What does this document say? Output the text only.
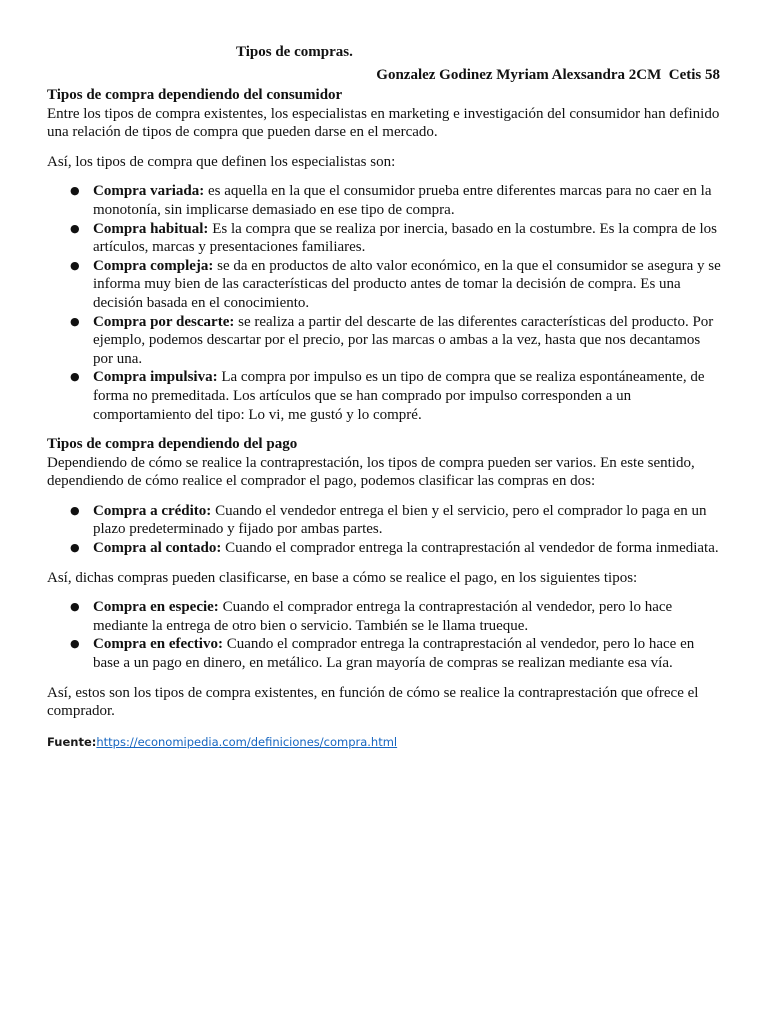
Tipos de compras.

Gonzalez Godinez Myriam Alexsandra 2CM  Cetis 58

Tipos de compra dependiendo del consumidor

Entre los tipos de compra existentes, los especialistas en marketing e investigación del consumidor han definido una relación de tipos de compra que pueden darse en el mercado.

Así, los tipos de compra que definen los especialistas son:

● Compra variada: es aquella en la que el consumidor prueba entre diferentes marcas para no caer en la monotonía, sin implicarse demasiado en ese tipo de compra.
● Compra habitual: Es la compra que se realiza por inercia, basado en la costumbre. Es la compra de los artículos, marcas y presentaciones familiares.
● Compra compleja: se da en productos de alto valor económico, en la que el consumidor se asegura y se informa muy bien de las características del producto antes de tomar la decisión de compra. Es una decisión basada en el conocimiento.
● Compra por descarte: se realiza a partir del descarte de las diferentes características del producto. Por ejemplo, podemos descartar por el precio, por las marcas o ambas a la vez, hasta que nos decantamos por una.
● Compra impulsiva: La compra por impulso es un tipo de compra que se realiza espontáneamente, de forma no premeditada. Los artículos que se han comprado por impulso corresponden a un comportamiento del tipo: Lo vi, me gustó y lo compré.

Tipos de compra dependiendo del pago

Dependiendo de cómo se realice la contraprestación, los tipos de compra pueden ser varios. En este sentido, dependiendo de cómo realice el comprador el pago, podemos clasificar las compras en dos:

● Compra a crédito: Cuando el vendedor entrega el bien y el servicio, pero el comprador lo paga en un plazo predeterminado y fijado por ambas partes.
● Compra al contado: Cuando el comprador entrega la contraprestación al vendedor de forma inmediata.

Así, dichas compras pueden clasificarse, en base a cómo se realice el pago, en los siguientes tipos:

● Compra en especie: Cuando el comprador entrega la contraprestación al vendedor, pero lo hace mediante la entrega de otro bien o servicio. También se le llama trueque.
● Compra en efectivo: Cuando el comprador entrega la contraprestación al vendedor, pero lo hace en base a un pago en dinero, en metálico. La gran mayoría de compras se realizan mediante esa vía.

Así, estos son los tipos de compra existentes, en función de cómo se realice la contraprestación que ofrece el comprador.

Fuente:https://economipedia.com/definiciones/compra.html
